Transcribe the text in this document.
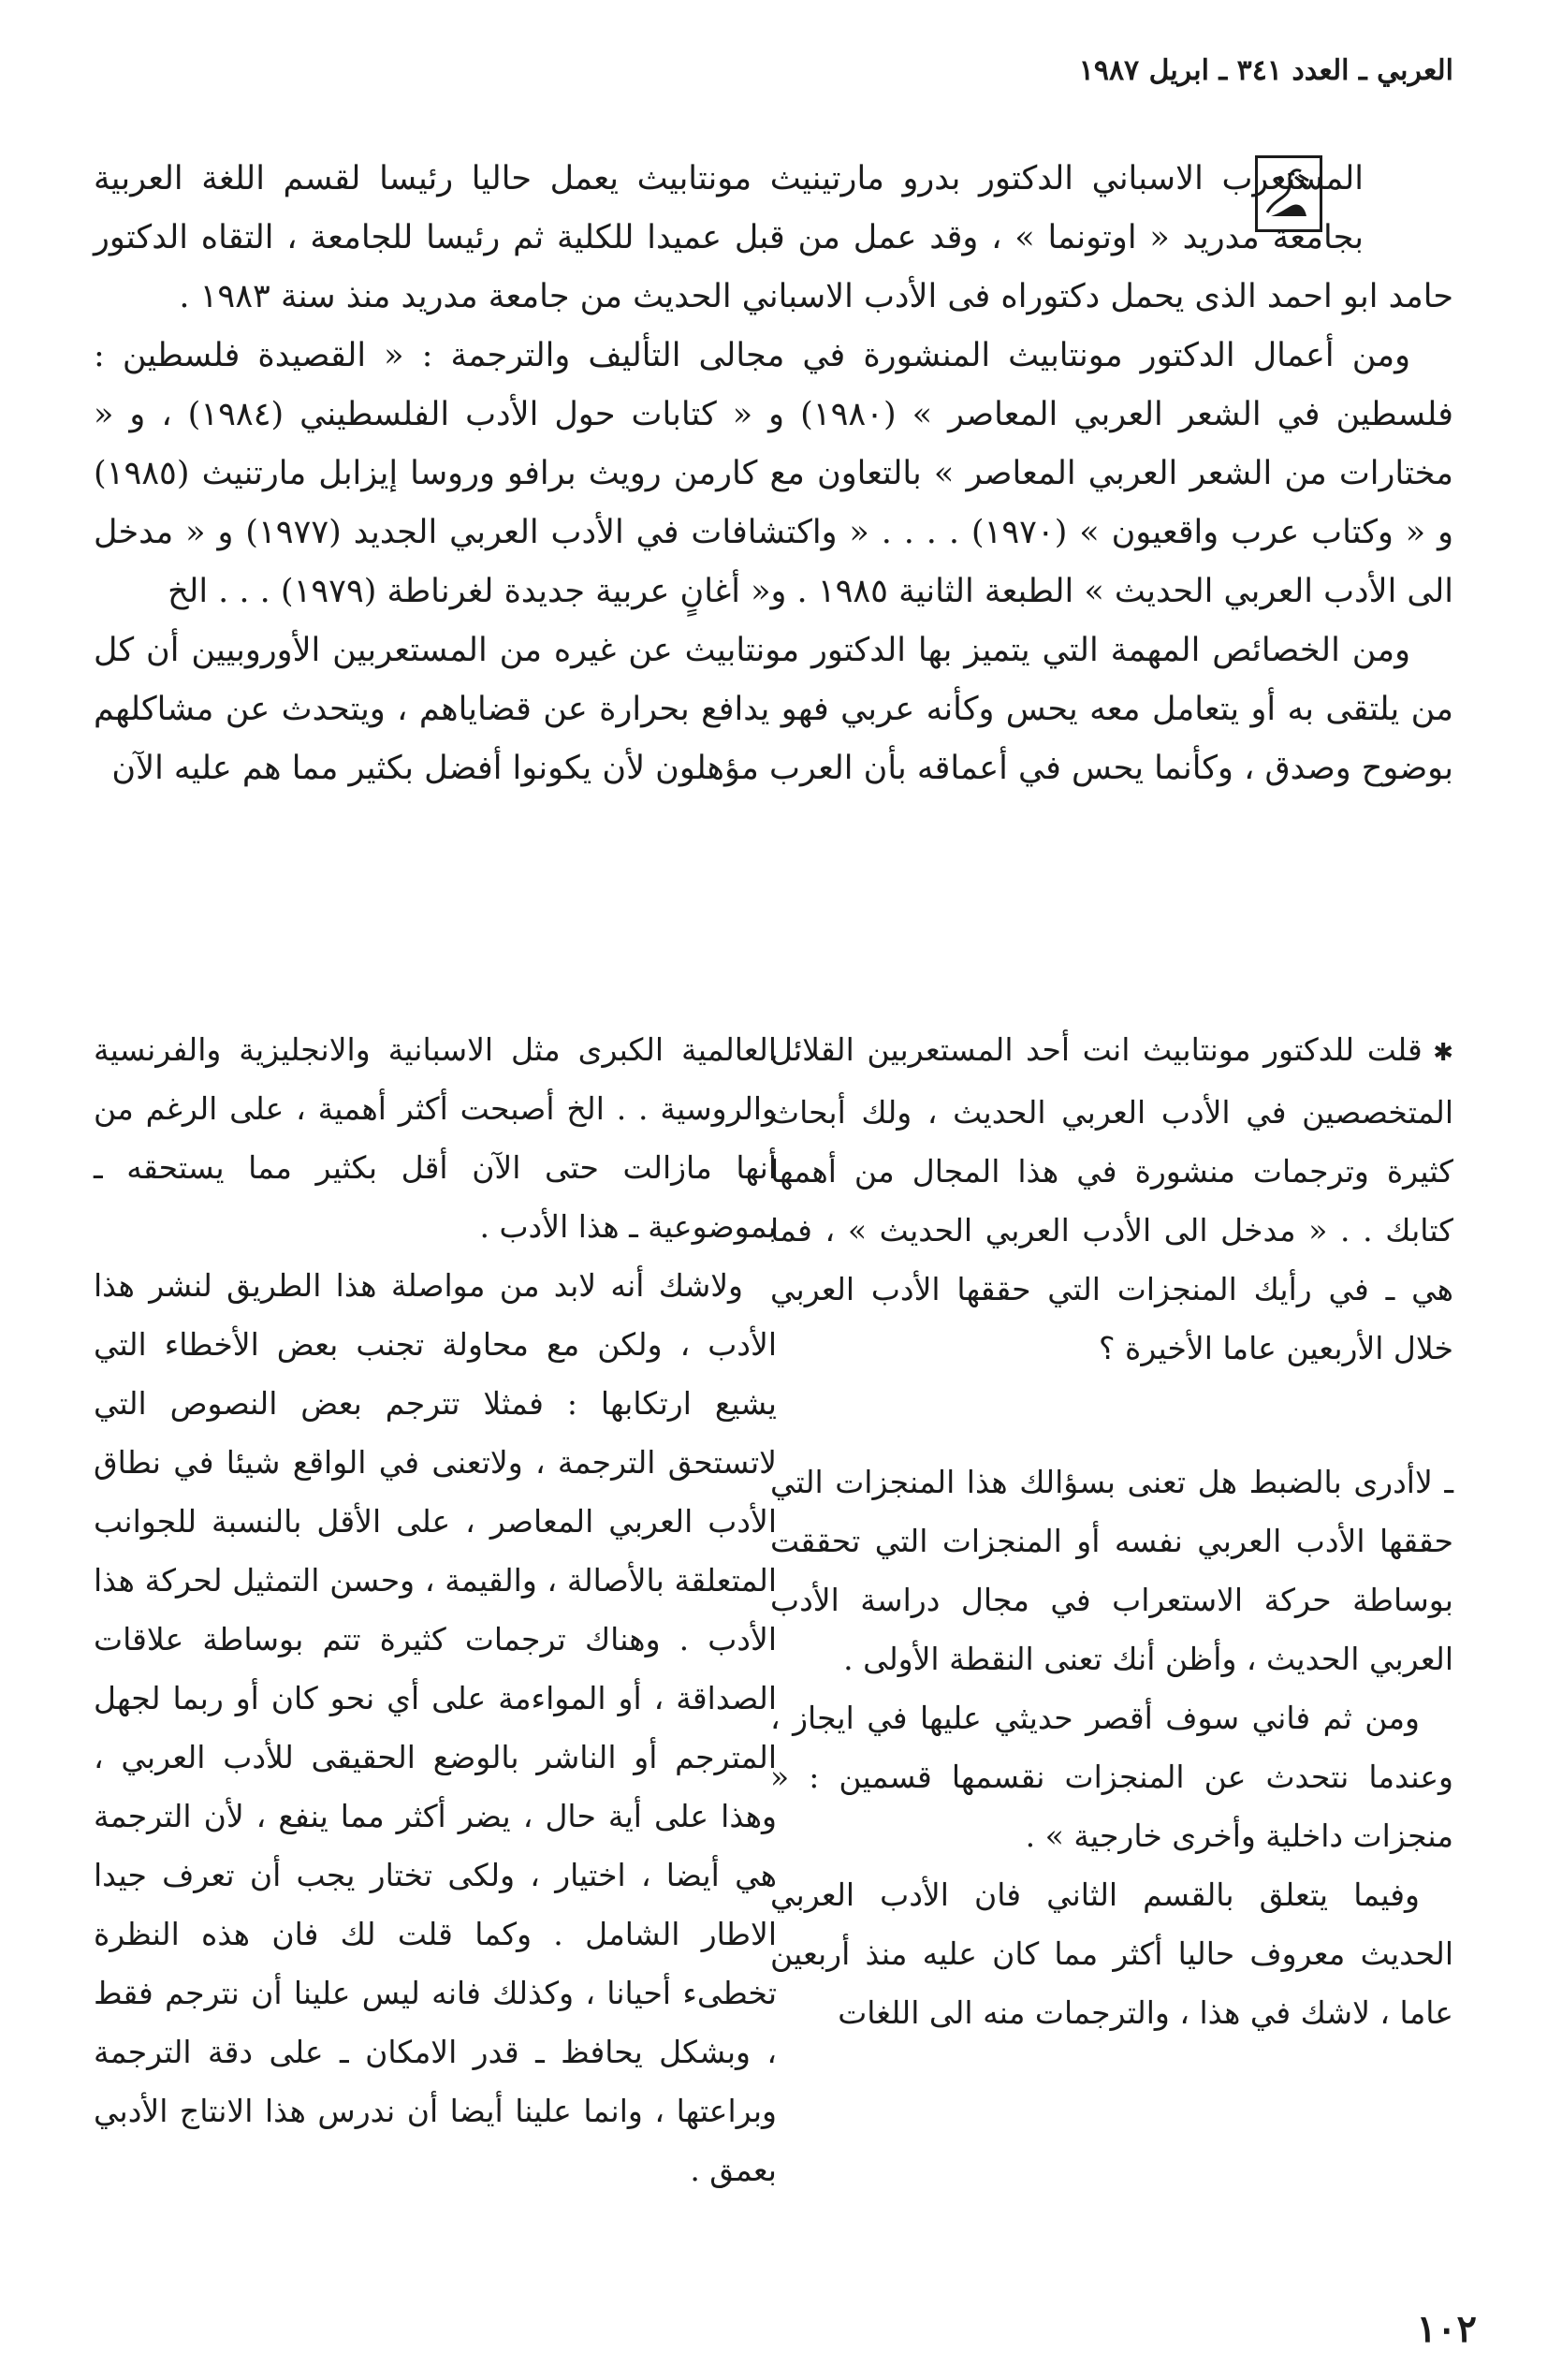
العربي ـ العدد ٣٤١ ـ ابريل ١٩٨٧

المستعرب الاسباني الدكتور بدرو مارتينيث مونتابيث يعمل حاليا رئيسا لقسم اللغة العربية بجامعة مدريد « اوتونما » ، وقد عمل من قبل عميدا للكلية ثم رئيسا للجامعة ، التقاه الدكتور حامد ابو احمد الذى يحمل دكتوراه فى الأدب الاسباني الحديث من جامعة مدريد منذ سنة ١٩٨٣ .

ومن أعمال الدكتور مونتابيث المنشورة في مجالى التأليف والترجمة : « القصيدة فلسطين : فلسطين في الشعر العربي المعاصر » (١٩٨٠) و « كتابات حول الأدب الفلسطيني (١٩٨٤) ، و « مختارات من الشعر العربي المعاصر » بالتعاون مع كارمن رويث برافو وروسا إيزابل مارتنيث (١٩٨٥) و « وكتاب عرب واقعيون » (١٩٧٠) . . . . « واكتشافات في الأدب العربي الجديد (١٩٧٧) و « مدخل الى الأدب العربي الحديث » الطبعة الثانية ١٩٨٥ . و« أغانٍ عربية جديدة لغرناطة (١٩٧٩) . . . الخ

ومن الخصائص المهمة التي يتميز بها الدكتور مونتابيث عن غيره من المستعربين الأوروبيين أن كل من يلتقى به أو يتعامل معه يحس وكأنه عربي فهو يدافع بحرارة عن قضاياهم ، ويتحدث عن مشاكلهم بوضوح وصدق ، وكأنما يحس في أعماقه بأن العرب مؤهلون لأن يكونوا أفضل بكثير مما هم عليه الآن

✱ قلت للدكتور مونتابيث انت أحد المستعربين القلائل المتخصصين في الأدب العربي الحديث ، ولك أبحاث كثيرة وترجمات منشورة في هذا المجال من أهمها كتابك . . « مدخل الى الأدب العربي الحديث » ، فما هي ـ في رأيك المنجزات التي حققها الأدب العربي خلال الأربعين عاما الأخيرة ؟

ـ لاأدرى بالضبط هل تعنى بسؤالك هذا المنجزات التي حققها الأدب العربي نفسه أو المنجزات التي تحققت بوساطة حركة الاستعراب في مجال دراسة الأدب العربي الحديث ، وأظن أنك تعنى النقطة الأولى .

ومن ثم فاني سوف أقصر حديثي عليها في ايجاز ، وعندما نتحدث عن المنجزات نقسمها قسمين : « منجزات داخلية وأخرى خارجية » .

وفيما يتعلق بالقسم الثاني فان الأدب العربي الحديث معروف حاليا أكثر مما كان عليه منذ أربعين عاما ، لاشك في هذا ، والترجمات منه الى اللغات

العالمية الكبرى مثل الاسبانية والانجليزية والفرنسية والروسية . . الخ أصبحت أكثر أهمية ، على الرغم من أنها مازالت حتى الآن أقل بكثير مما يستحقه ـ بموضوعية ـ هذا الأدب .

ولاشك أنه لابد من مواصلة هذا الطريق لنشر هذا الأدب ، ولكن مع محاولة تجنب بعض الأخطاء التي يشيع ارتكابها : فمثلا تترجم بعض النصوص التي لاتستحق الترجمة ، ولاتعنى في الواقع شيئا في نطاق الأدب العربي المعاصر ، على الأقل بالنسبة للجوانب المتعلقة بالأصالة ، والقيمة ، وحسن التمثيل لحركة هذا الأدب . وهناك ترجمات كثيرة تتم بوساطة علاقات الصداقة ، أو المواءمة على أي نحو كان أو ربما لجهل المترجم أو الناشر بالوضع الحقيقى للأدب العربي ، وهذا على أية حال ، يضر أكثر مما ينفع ، لأن الترجمة هي أيضا ، اختيار ، ولكى تختار يجب أن تعرف جيدا الاطار الشامل . وكما قلت لك فان هذه النظرة تخطىء أحيانا ، وكذلك فانه ليس علينا أن نترجم فقط ، وبشكل يحافظ ـ قدر الامكان ـ على دقة الترجمة وبراعتها ، وانما علينا أيضا أن ندرس هذا الانتاج الأدبي بعمق .

١٠٢
